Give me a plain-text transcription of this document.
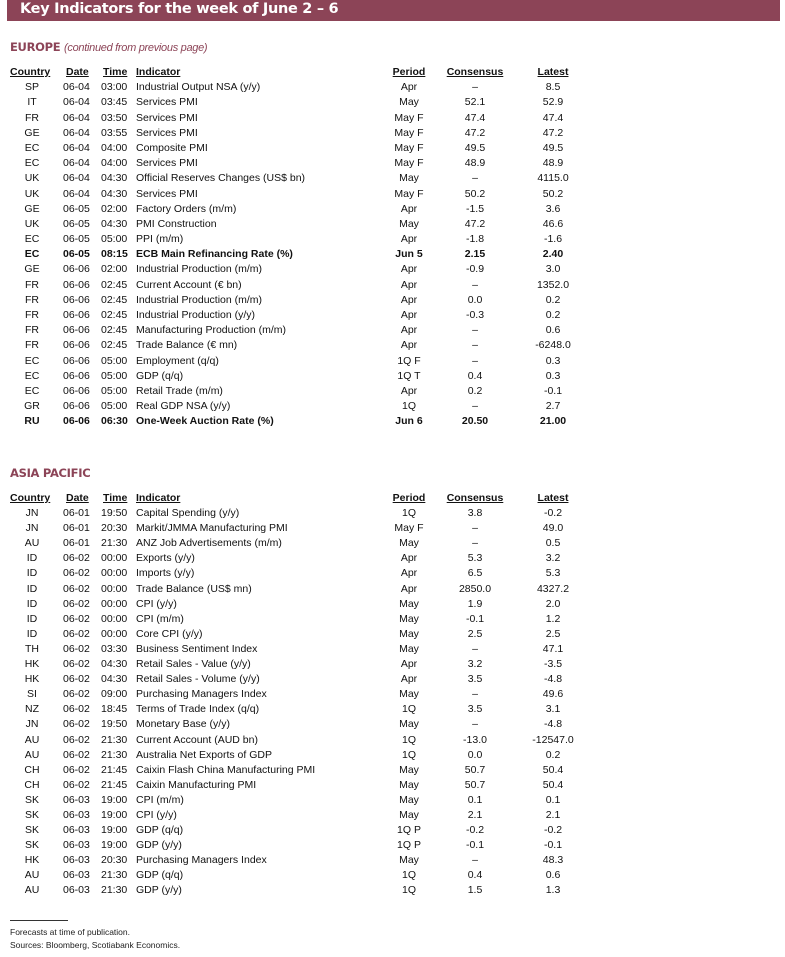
Key Indicators for the week of June 2 – 6
EUROPE (continued from previous page)
Country Date Time Indicator	Period	Consensus	Latest
SP	06-04 03:00 Industrial Output NSA (y/y)	Apr	–	8.5
IT	06-04 03:45 Services PMI	May	52.1	52.9
FR	06-04 03:50 Services PMI	May F	47.4	47.4
GE	06-04 03:55 Services PMI	May F	47.2	47.2
EC	06-04 04:00 Composite PMI	May F	49.5	49.5
EC	06-04 04:00 Services PMI	May F	48.9	48.9
UK	06-04 04:30 Official Reserves Changes (US$ bn)	May	–	4115.0
UK	06-04 04:30 Services PMI	May F	50.2	50.2
GE	06-05 02:00 Factory Orders (m/m)	Apr	-1.5	3.6
UK	06-05 04:30 PMI Construction	May	47.2	46.6
EC	06-05 05:00 PPI (m/m)	Apr	-1.8	-1.6
EC	06-05 08:15 ECB Main Refinancing Rate (%)	Jun 5	2.15	2.40
GE	06-06 02:00 Industrial Production (m/m)	Apr	-0.9	3.0
FR	06-06 02:45 Current Account (€ bn)	Apr	–	1352.0
FR	06-06 02:45 Industrial Production (m/m)	Apr	0.0	0.2
FR	06-06 02:45 Industrial Production (y/y)	Apr	-0.3	0.2
FR	06-06 02:45 Manufacturing Production (m/m)	Apr	–	0.6
FR	06-06 02:45 Trade Balance (€ mn)	Apr	–	-6248.0
EC	06-06 05:00 Employment (q/q)	1Q F	–	0.3
EC	06-06 05:00 GDP (q/q)	1Q T	0.4	0.3
EC	06-06 05:00 Retail Trade (m/m)	Apr	0.2	-0.1
GR	06-06 05:00 Real GDP NSA (y/y)	1Q	–	2.7
RU	06-06 06:30 One-Week Auction Rate (%)	Jun 6	20.50	21.00
ASIA PACIFIC
Country Date Time Indicator	Period	Consensus	Latest
JN	06-01 19:50 Capital Spending (y/y)	1Q	3.8	-0.2
JN	06-01 20:30 Markit/JMMA Manufacturing PMI	May F	–	49.0
AU	06-01 21:30 ANZ Job Advertisements (m/m)	May	–	0.5
ID	06-02 00:00 Exports (y/y)	Apr	5.3	3.2
ID	06-02 00:00 Imports (y/y)	Apr	6.5	5.3
ID	06-02 00:00 Trade Balance (US$ mn)	Apr	2850.0	4327.2
ID	06-02 00:00 CPI (y/y)	May	1.9	2.0
ID	06-02 00:00 CPI (m/m)	May	-0.1	1.2
ID	06-02 00:00 Core CPI (y/y)	May	2.5	2.5
TH	06-02 03:30 Business Sentiment Index	May	–	47.1
HK	06-02 04:30 Retail Sales - Value (y/y)	Apr	3.2	-3.5
HK	06-02 04:30 Retail Sales - Volume (y/y)	Apr	3.5	-4.8
SI	06-02 09:00 Purchasing Managers Index	May	–	49.6
NZ	06-02 18:45 Terms of Trade Index (q/q)	1Q	3.5	3.1
JN	06-02 19:50 Monetary Base (y/y)	May	–	-4.8
AU	06-02 21:30 Current Account (AUD bn)	1Q	-13.0	-12547.0
AU	06-02 21:30 Australia Net Exports of GDP	1Q	0.0	0.2
CH	06-02 21:45 Caixin Flash China Manufacturing PMI	May	50.7	50.4
CH	06-02 21:45 Caixin Manufacturing PMI	May	50.7	50.4
SK	06-03 19:00 CPI (m/m)	May	0.1	0.1
SK	06-03 19:00 CPI (y/y)	May	2.1	2.1
SK	06-03 19:00 GDP (q/q)	1Q P	-0.2	-0.2
SK	06-03 19:00 GDP (y/y)	1Q P	-0.1	-0.1
HK	06-03 20:30 Purchasing Managers Index	May	–	48.3
AU	06-03 21:30 GDP (q/q)	1Q	0.4	0.6
AU	06-03 21:30 GDP (y/y)	1Q	1.5	1.3
Forecasts at time of publication.
Sources: Bloomberg, Scotiabank Economics.
